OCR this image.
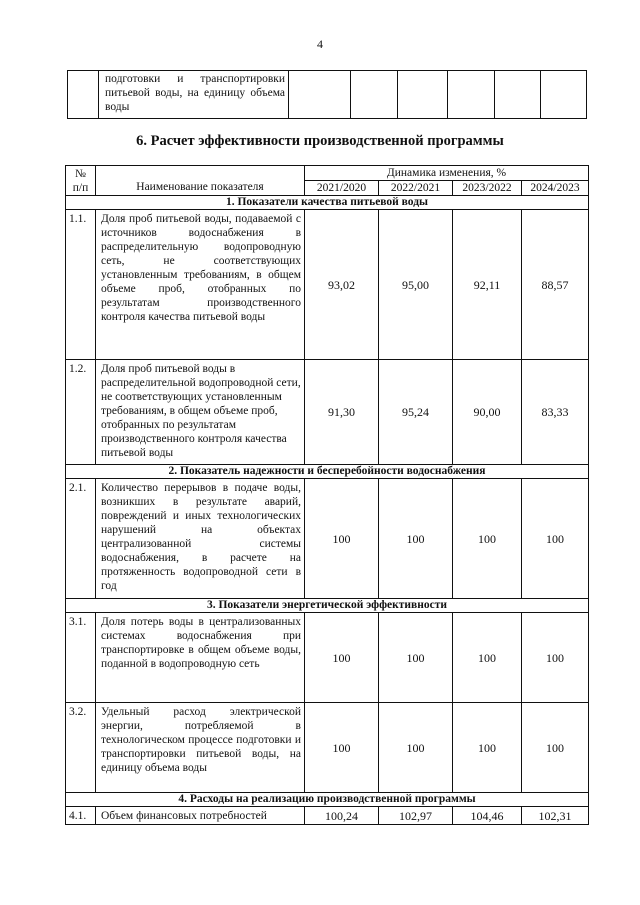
4
	подготовки и транспортировки питьевой воды, на единицу объема воды						
6. Расчет эффективности производственной программы
№
п/п	Наименование показателя	Динамика изменения, %			
		2021/2020	2022/2021	2023/2022	2024/2023
1. Показатели качества питьевой воды					
1.1.	Доля проб питьевой воды, подаваемой с источников водоснабжения в распределительную водопроводную сеть, не соответствующих установленным требованиям, в общем объеме проб, отобранных по результатам производственного контроля качества питьевой воды	93,02	95,00	92,11	88,57
1.2.	Доля проб питьевой воды в распределительной водопроводной сети, не соответствующих установленным требованиям, в общем объеме проб, отобранных по результатам производственного контроля качества питьевой воды	91,30	95,24	90,00	83,33
2. Показатель надежности и бесперебойности водоснабжения					
2.1.	Количество перерывов в подаче воды, возникших в результате аварий, повреждений и иных технологических нарушений на объектах централизованной системы водоснабжения, в расчете на протяженность водопроводной сети в год	100	100	100	100
3. Показатели энергетической эффективности					
3.1.	Доля потерь воды в централизованных системах водоснабжения при транспортировке в общем объеме воды, поданной в водопроводную сеть	100	100	100	100
3.2.	Удельный расход электрической энергии, потребляемой в технологическом процессе подготовки и транспортировки питьевой воды, на единицу объема воды	100	100	100	100
4. Расходы на реализацию производственной программы					
4.1.	Объем финансовых потребностей	100,24	102,97	104,46	102,31
